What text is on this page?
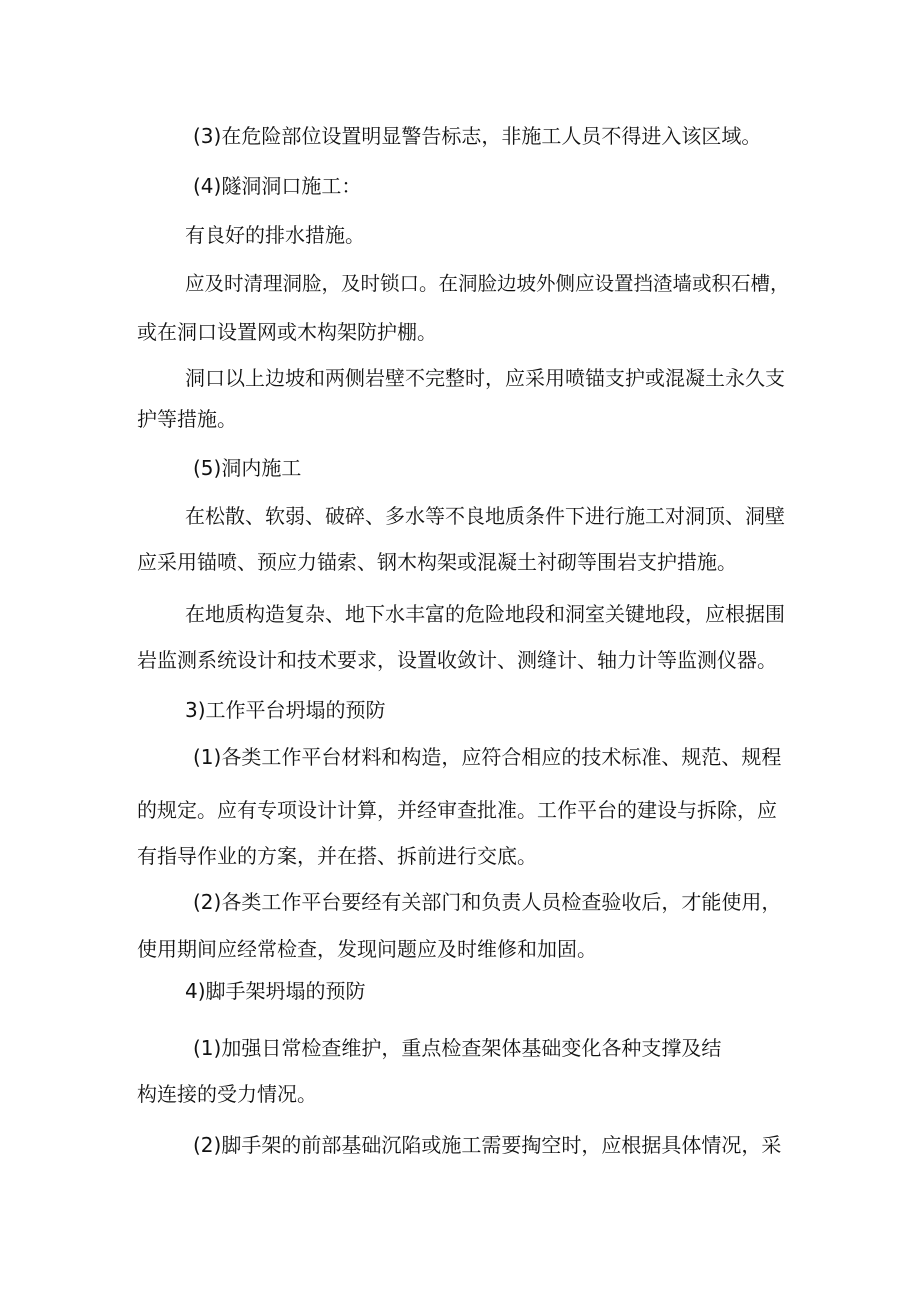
(3)在危险部位设置明显警告标志，非施工人员不得进入该区域。
(4)隧洞洞口施工：
有良好的排水措施。
应及时清理洞脸，及时锁口。在洞脸边坡外侧应设置挡渣墙或积石槽，
或在洞口设置网或木构架防护棚。
洞口以上边坡和两侧岩壁不完整时，应采用喷锚支护或混凝土永久支
护等措施。
(5)洞内施工
在松散、软弱、破碎、多水等不良地质条件下进行施工对洞顶、洞壁
应采用锚喷、预应力锚索、钢木构架或混凝土衬砌等围岩支护措施。
在地质构造复杂、地下水丰富的危险地段和洞室关键地段，应根据围
岩监测系统设计和技术要求，设置收敛计、测缝计、轴力计等监测仪器。
3)工作平台坍塌的预防
(1)各类工作平台材料和构造，应符合相应的技术标准、规范、规程
的规定。应有专项设计计算，并经审查批准。工作平台的建设与拆除，应
有指导作业的方案，并在搭、拆前进行交底。
(2)各类工作平台要经有关部门和负责人员检查验收后，才能使用，
使用期间应经常检查，发现问题应及时维修和加固。
4)脚手架坍塌的预防
(1)加强日常检查维护，重点检查架体基础变化各种支撑及结
构连接的受力情况。
(2)脚手架的前部基础沉陷或施工需要掏空时，应根据具体情况，采
